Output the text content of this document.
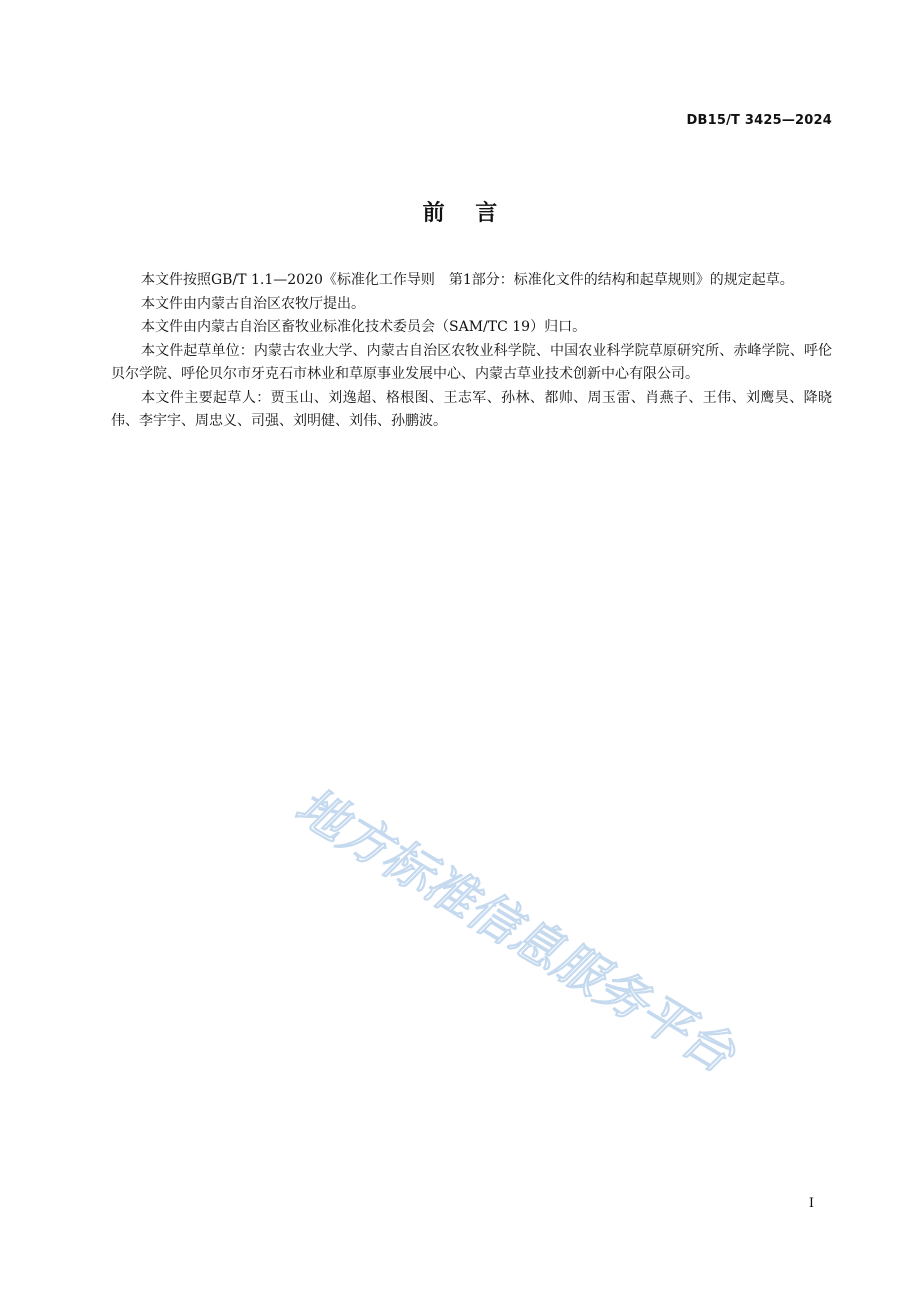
DB15/T 3425—2024
前    言

本文件按照GB/T 1.1—2020《标准化工作导则　第1部分：标准化文件的结构和起草规则》的规定起草。

本文件由内蒙古自治区农牧厅提出。

本文件由内蒙古自治区畜牧业标准化技术委员会（SAM/TC 19）归口。

本文件起草单位：内蒙古农业大学、内蒙古自治区农牧业科学院、中国农业科学院草原研究所、赤峰学院、呼伦贝尔学院、呼伦贝尔市牙克石市林业和草原事业发展中心、内蒙古草业技术创新中心有限公司。

本文件主要起草人：贾玉山、刘逸超、格根图、王志军、孙林、都帅、周玉雷、肖燕子、王伟、刘鹰昊、降晓伟、李宇宇、周忠义、司强、刘明健、刘伟、孙鹏波。

地方标准信息服务平台
I
